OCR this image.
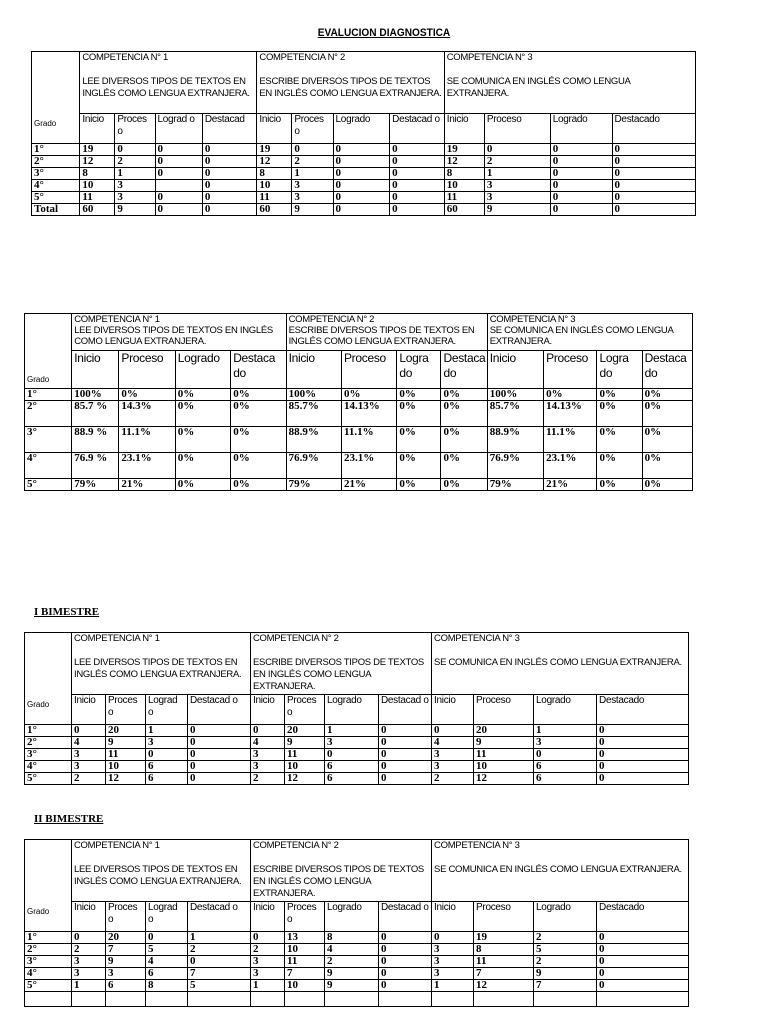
EVALUCION DIAGNOSTICA
Grado	COMPETENCIA N° 1

LEE DIVERSOS TIPOS DE TEXTOS EN INGLÉS COMO LENGUA EXTRANJERA.				COMPETENCIA N° 2

ESCRIBE DIVERSOS TIPOS DE TEXTOS EN INGLÉS COMO LENGUA EXTRANJERA.				COMPETENCIA N° 3

SE COMUNICA EN INGLÉS COMO LENGUA EXTRANJERA.			

	Inicio	Proces o	Lograd o	Destacad	Inicio	Proces o	Logrado	Destacad o	Inicio	Proceso	Logrado	Destacado
1°	19	0	0	0	19	0	0	0	19	0	0	0
2°	12	2	0	0	12	2	0	0	12	2	0	0
3°	8	1	0	0	8	1	0	0	8	1	0	0
4°	10	3		0	10	3	0	0	10	3	0	0
5°	11	3	0	0	11	3	0	0	11	3	0	0
Total	60	9	0	0	60	9	0	0	60	9	0	0
Grado	COMPETENCIA N° 1
LEE DIVERSOS TIPOS DE TEXTOS EN INGLÉS COMO LENGUA EXTRANJERA.				COMPETENCIA N° 2
ESCRIBE DIVERSOS TIPOS DE TEXTOS EN INGLÉS COMO LENGUA EXTRANJERA.				COMPETENCIA N° 3
SE COMUNICA EN INGLÉS COMO LENGUA EXTRANJERA.			

	Inicio	Proceso	Logrado	Destaca do	Inicio	Proceso	Logra do	Destaca do	Inicio	Proceso	Logra do	Destaca do
1°	100%	0%	0%	0%	100%	0%	0%	0%	100%	0%	0%	0%
2°	85.7 %	14.3%	0%	0%	85.7%	14.13%	0%	0%	85.7%	14.13%	0%	0%
3°	88.9 %	11.1%	0%	0%	88.9%	11.1%	0%	0%	88.9%	11.1%	0%	0%
4°	76.9 %	23.1%	0%	0%	76.9%	23.1%	0%	0%	76.9%	23.1%	0%	0%
5°	79%	21%	0%	0%	79%	21%	0%	0%	79%	21%	0%	0%
I BIMESTRE
Grado	COMPETENCIA N° 1

LEE DIVERSOS TIPOS DE TEXTOS EN INGLÉS COMO LENGUA EXTRANJERA.				COMPETENCIA N° 2

ESCRIBE DIVERSOS TIPOS DE TEXTOS EN INGLÉS COMO LENGUA EXTRANJERA.				COMPETENCIA N° 3

SE COMUNICA EN INGLÉS COMO LENGUA EXTRANJERA.			

	Inicio	Proces o	Lograd o	Destacad o	Inicio	Proces o	Logrado	Destacad o	Inicio	Proceso	Logrado	Destacado
1°	0	20	1	0	0	20	1	0	0	20	1	0
2°	4	9	3	0	4	9	3	0	4	9	3	0
3°	3	11	0	0	3	11	0	0	3	11	0	0
4°	3	10	6	0	3	10	6	0	3	10	6	0
5°	2	12	6	0	2	12	6	0	2	12	6	0
II BIMESTRE
Grado	COMPETENCIA N° 1

LEE DIVERSOS TIPOS DE TEXTOS EN INGLÉS COMO LENGUA EXTRANJERA.				COMPETENCIA N° 2

ESCRIBE DIVERSOS TIPOS DE TEXTOS EN INGLÉS COMO LENGUA EXTRANJERA.				COMPETENCIA N° 3

SE COMUNICA EN INGLÉS COMO LENGUA EXTRANJERA.			

	Inicio	Proces o	Lograd o	Destacad o	Inicio	Proces o	Logrado	Destacad o	Inicio	Proceso	Logrado	Destacado
1°	0	20	0	1	0	13	8	0	0	19	2	0
2°	2	7	5	2	2	10	4	0	3	8	5	0
3°	3	9	4	0	3	11	2	0	3	11	2	0
4°	3	3	6	7	3	7	9	0	3	7	9	0
5°	1	6	8	5	1	10	9	0	1	12	7	0
